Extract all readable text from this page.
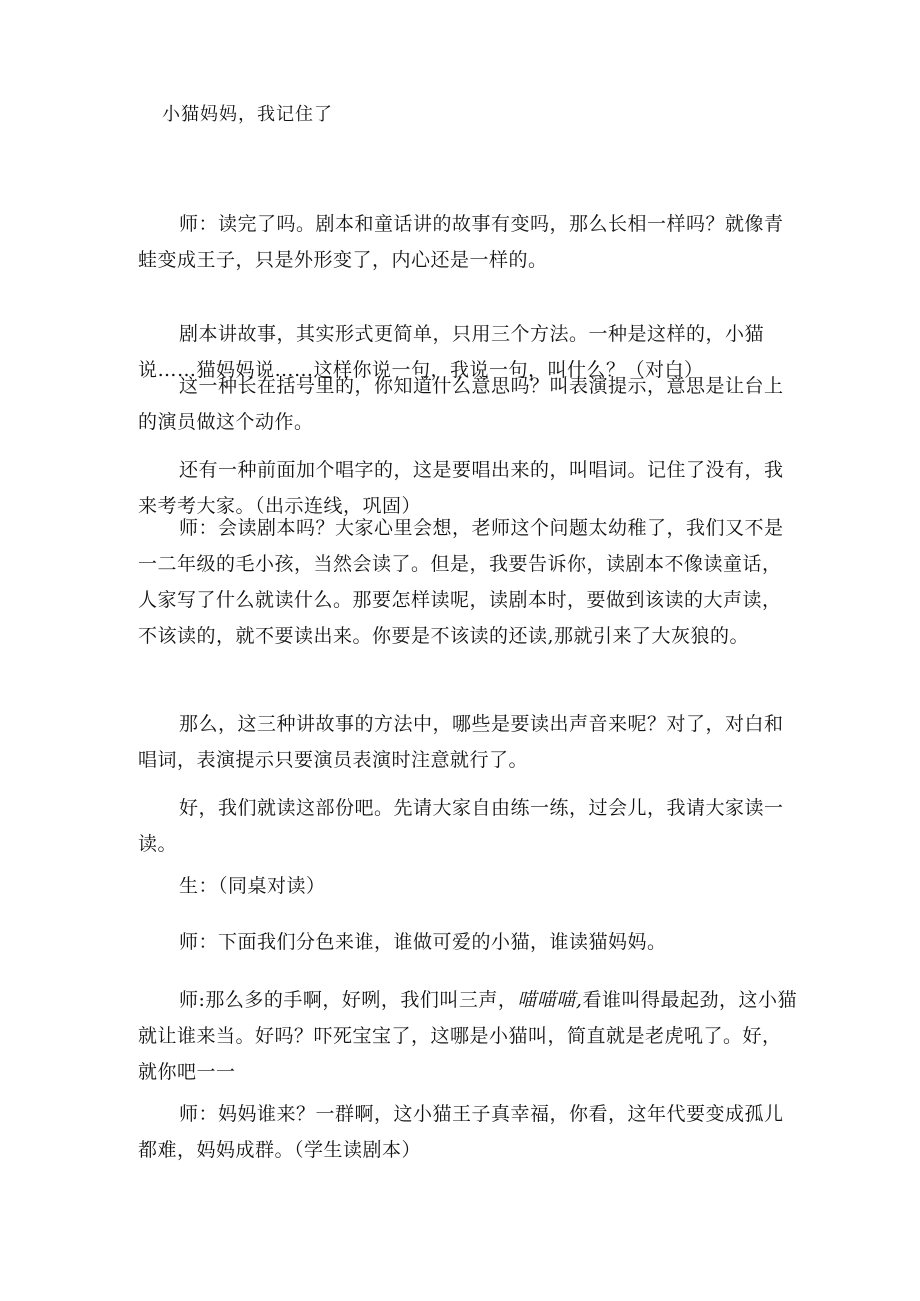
小猫妈妈，我记住了

师：读完了吗。剧本和童话讲的故事有变吗，那么长相一样吗？就像青蛙变成王子，只是外形变了，内心还是一样的。

剧本讲故事，其实形式更简单，只用三个方法。一种是这样的，小猫说……猫妈妈说……这样你说一句，我说一句，叫什么？（对白）

这一种长在括号里的，你知道什么意思吗？叫表演提示，意思是让台上的演员做这个动作。

还有一种前面加个唱字的，这是要唱出来的，叫唱词。记住了没有，我来考考大家。（出示连线，巩固）

师：会读剧本吗？大家心里会想，老师这个问题太幼稚了，我们又不是一二年级的毛小孩，当然会读了。但是，我要告诉你，读剧本不像读童话，人家写了什么就读什么。那要怎样读呢，读剧本时，要做到该读的大声读，不该读的，就不要读出来。你要是不该读的还读,那就引来了大灰狼的。

那么，这三种讲故事的方法中，哪些是要读出声音来呢？对了，对白和唱词，表演提示只要演员表演时注意就行了。

好，我们就读这部份吧。先请大家自由练一练，过会儿，我请大家读一读。

生：（同桌对读）

师：下面我们分色来谁，谁做可爱的小猫，谁读猫妈妈。

师:那么多的手啊，好咧，我们叫三声，喵喵喵,看谁叫得最起劲，这小猫就让谁来当。好吗？吓死宝宝了，这哪是小猫叫，简直就是老虎吼了。好，就你吧一一

师：妈妈谁来？一群啊，这小猫王子真幸福，你看，这年代要变成孤儿都难，妈妈成群。（学生读剧本）
